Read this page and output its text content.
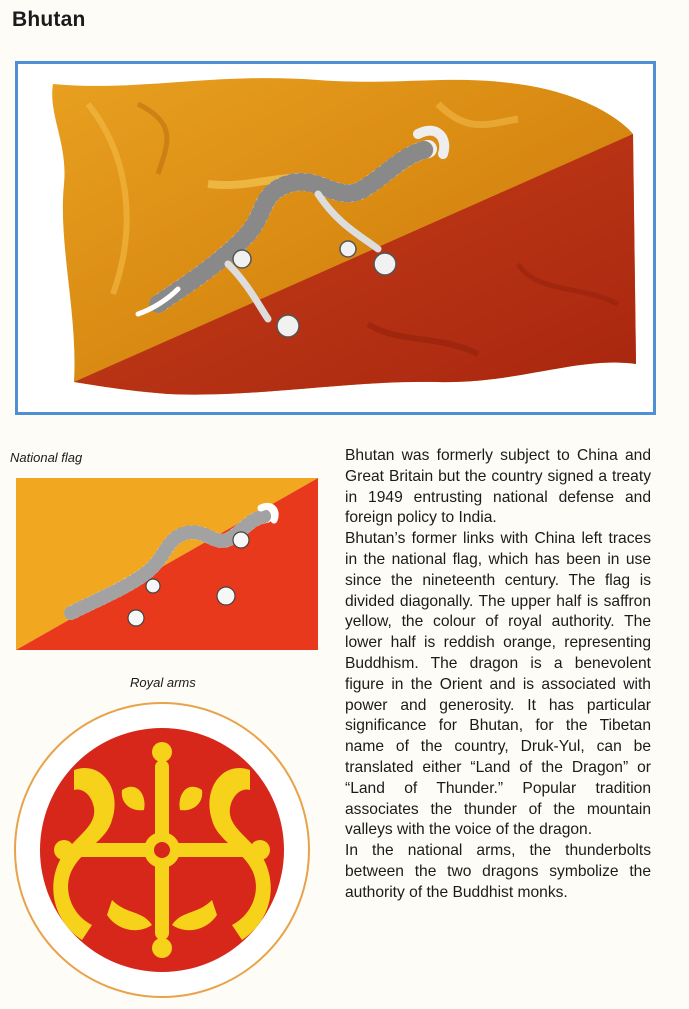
Bhutan
National flag
Royal arms

Bhutan was formerly subject to China and Great Britain but the country signed a treaty in 1949 entrusting national defense and foreign policy to India.

Bhutan’s former links with China left traces in the national flag, which has been in use since the nineteenth century. The flag is divided diagonally. The upper half is saffron yellow, the colour of royal authority. The lower half is reddish orange, representing Buddhism. The dragon is a benevolent figure in the Orient and is associated with power and generosity. It has particular significance for Bhutan, for the Tibetan name of the country, Druk-Yul, can be translated either “Land of the Dragon” or “Land of Thunder.” Popular tradition associates the thunder of the mountain valleys with the voice of the dragon.

In the national arms, the thunderbolts between the two dragons symbolize the authority of the Buddhist monks.
